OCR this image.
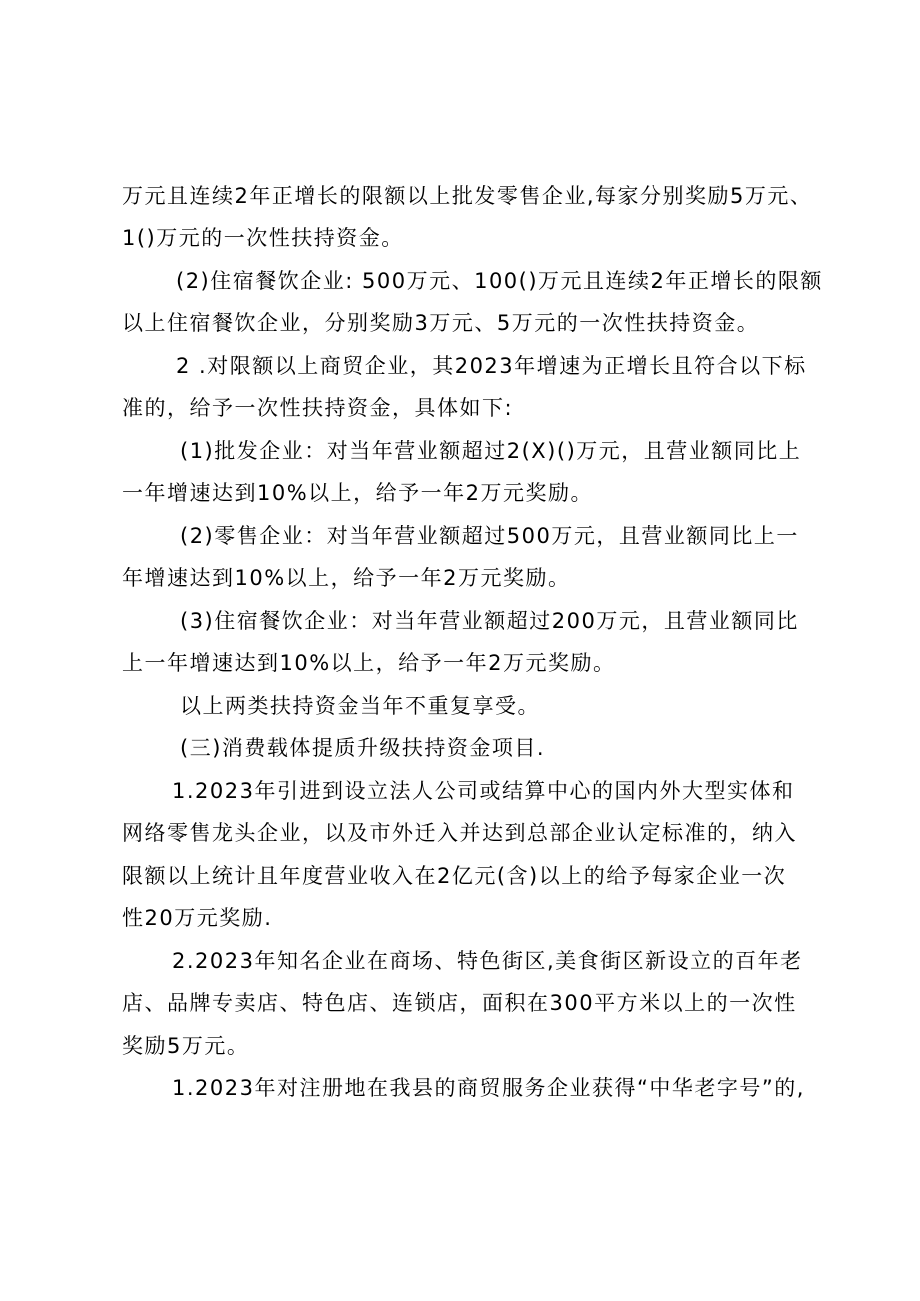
万元且连续2年正增长的限额以上批发零售企业,每家分别奖励5万元、
1()万元的一次性扶持资金。
(2)住宿餐饮企业: 500万元、100()万元且连续2年正增长的限额
以上住宿餐饮企业，分别奖励3万元、5万元的一次性扶持资金。
2 .对限额以上商贸企业，其2023年增速为正增长且符合以下标
准的，给予一次性扶持资金，具体如下:
(1)批发企业：对当年营业额超过2(X)()万元，且营业额同比上
一年增速达到10%以上，给予一年2万元奖励。
(2)零售企业：对当年营业额超过500万元，且营业额同比上一
年增速达到10%以上，给予一年2万元奖励。
(3)住宿餐饮企业：对当年营业额超过200万元，且营业额同比
上一年增速达到10%以上，给予一年2万元奖励。
以上两类扶持资金当年不重复享受。
(三)消费载体提质升级扶持资金项目.
1.2023年引进到设立法人公司或结算中心的国内外大型实体和
网络零售龙头企业，以及市外迁入并达到总部企业认定标准的，纳入
限额以上统计且年度营业收入在2亿元(含)以上的给予每家企业一次
性20万元奖励.
2.2023年知名企业在商场、特色街区,美食街区新设立的百年老
店、品牌专卖店、特色店、连锁店，面积在300平方米以上的一次性
奖励5万元。
1.2023年对注册地在我县的商贸服务企业获得“中华老字号”的,
